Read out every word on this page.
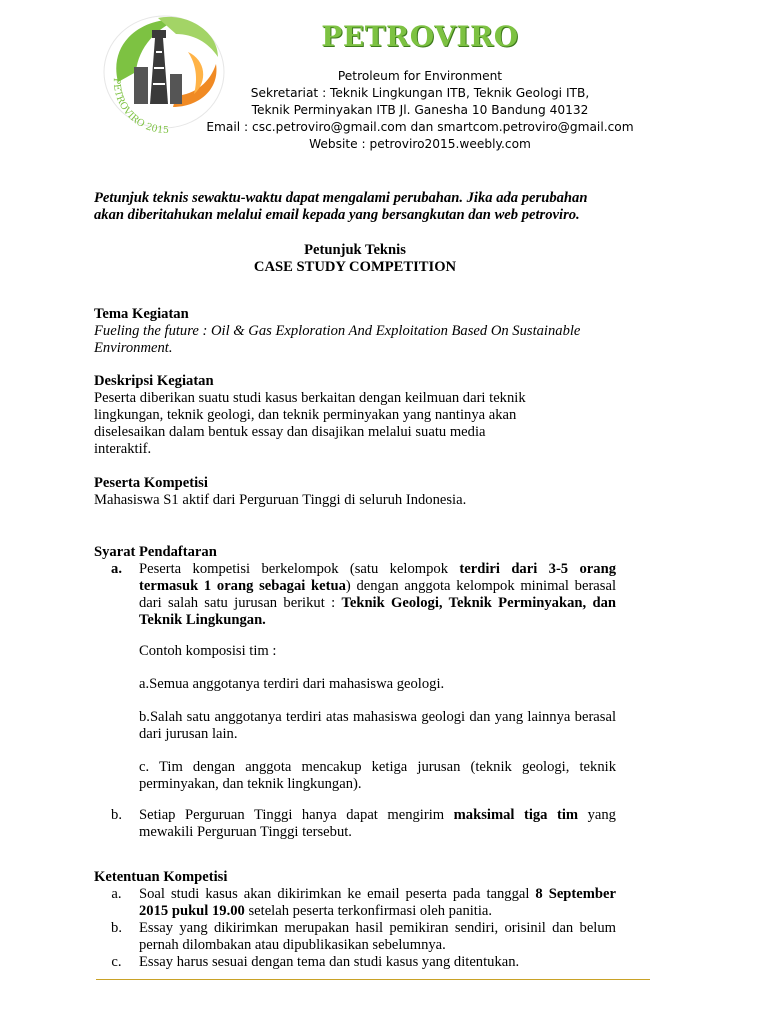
PETROVIRO 2015
PETROVIRO
Petroleum for Environment
Sekretariat : Teknik Lingkungan ITB, Teknik Geologi ITB,
Teknik Perminyakan ITB Jl. Ganesha 10 Bandung 40132
Email : csc.petroviro@gmail.com dan smartcom.petroviro@gmail.com
Website : petroviro2015.weebly.com
Petunjuk teknis sewaktu-waktu dapat mengalami perubahan. Jika ada perubahan akan diberitahukan melalui email kepada yang bersangkutan dan web petroviro.
Petunjuk Teknis
CASE STUDY COMPETITION
Tema Kegiatan
Fueling the future : Oil & Gas Exploration And Exploitation Based On Sustainable Environment.
Deskripsi Kegiatan
Peserta diberikan suatu studi kasus berkaitan dengan keilmuan dari teknik lingkungan, teknik geologi, dan teknik perminyakan yang nantinya akan diselesaikan dalam bentuk essay dan disajikan melalui suatu media interaktif.
Peserta Kompetisi
Mahasiswa S1 aktif dari Perguruan Tinggi di seluruh Indonesia.
Syarat Pendaftaran
a.	Peserta kompetisi berkelompok (satu kelompok terdiri dari 3-5 orang termasuk 1 orang sebagai ketua) dengan anggota kelompok minimal berasal dari salah satu jurusan berikut : Teknik Geologi, Teknik Perminyakan, dan Teknik Lingkungan.
Contoh komposisi tim :
a.Semua anggotanya terdiri dari mahasiswa geologi.
b.Salah satu anggotanya terdiri atas mahasiswa geologi dan yang lainnya berasal dari jurusan lain.
c. Tim dengan anggota mencakup ketiga jurusan (teknik geologi, teknik perminyakan, dan teknik lingkungan).
b.	Setiap Perguruan Tinggi hanya dapat mengirim maksimal tiga tim yang mewakili Perguruan Tinggi tersebut.
Ketentuan Kompetisi
a.	Soal studi kasus akan dikirimkan ke email peserta pada tanggal 8 September 2015 pukul 19.00 setelah peserta terkonfirmasi oleh panitia.
b.	Essay yang dikirimkan merupakan hasil pemikiran sendiri, orisinil dan belum pernah dilombakan atau dipublikasikan sebelumnya.
c.	Essay harus sesuai dengan tema dan studi kasus yang ditentukan.
